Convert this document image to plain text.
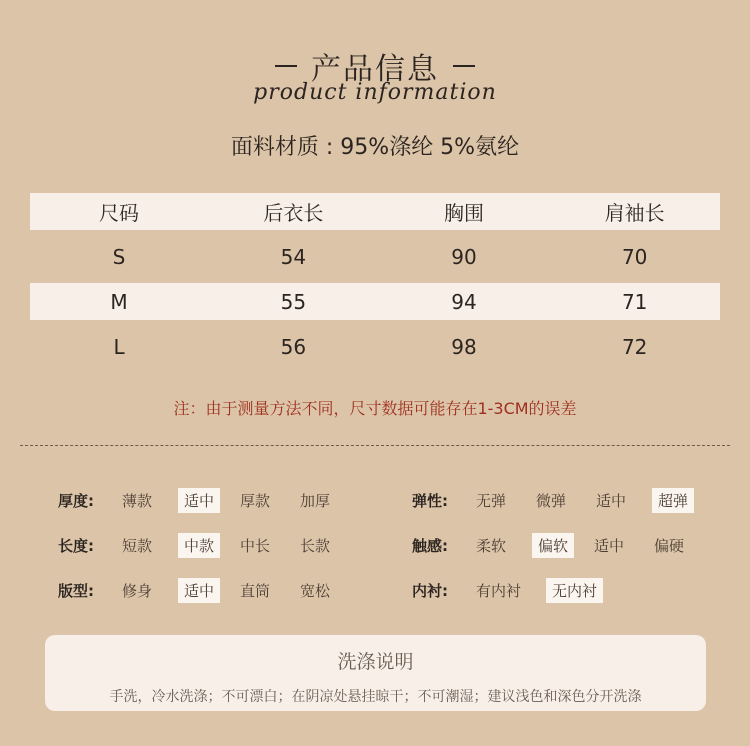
产品信息
product information
面料材质 : 95%涤纶 5%氨纶
尺码	后衣长	胸围	肩袖长
S	54	90	70
M	55	94	71
L	56	98	72
注：由于测量方法不同，尺寸数据可能存在1-3CM的误差
厚度:	薄款	适中	厚款	加厚
长度:	短款	中款	中长	长款
版型:	修身	适中	直筒	宽松
弹性:	无弹	微弹	适中	超弹
触感:	柔软	偏软	适中	偏硬
内衬:	有内衬	无内衬
洗涤说明
手洗，冷水洗涤；不可漂白；在阴凉处悬挂晾干；不可潮湿；建议浅色和深色分开洗涤
